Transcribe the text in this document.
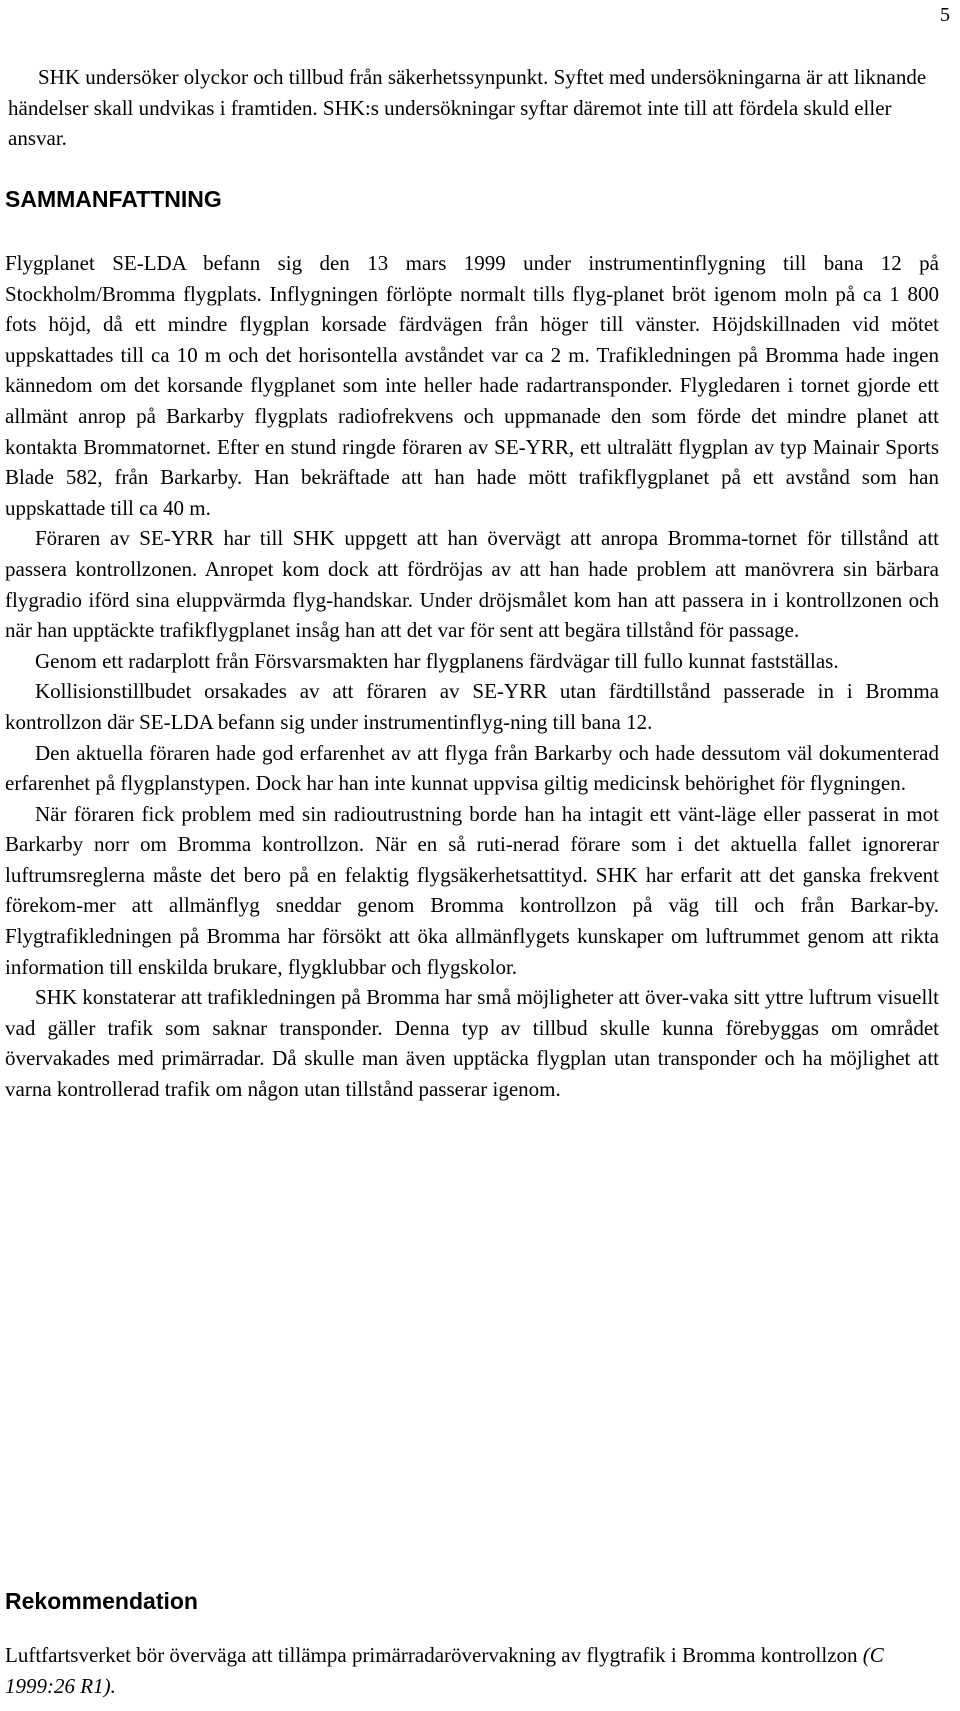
5

SHK undersöker olyckor och tillbud från säkerhetssynpunkt. Syftet med undersökningarna är att liknande händelser skall undvikas i framtiden. SHK:s undersökningar syftar däremot inte till att fördela skuld eller ansvar.

SAMMANFATTNING

Flygplanet SE-LDA befann sig den 13 mars 1999 under instrumentinflygning till bana 12 på Stockholm/Bromma flygplats. Inflygningen förlöpte normalt tills flyg-planet bröt igenom moln på ca 1 800 fots höjd, då ett mindre flygplan korsade färdvägen från höger till vänster. Höjdskillnaden vid mötet uppskattades till ca 10 m och det horisontella avståndet var ca 2 m. Trafikledningen på Bromma hade ingen kännedom om det korsande flygplanet som inte heller hade radartransponder. Flygledaren i tornet gjorde ett allmänt anrop på Barkarby flygplats radiofrekvens och uppmanade den som förde det mindre planet att kontakta Brommatornet. Efter en stund ringde föraren av SE-YRR, ett ultralätt flygplan av typ Mainair Sports Blade 582, från Barkarby. Han bekräftade att han hade mött trafikflygplanet på ett avstånd som han uppskattade till ca 40 m.

Föraren av SE-YRR har till SHK uppgett att han övervägt att anropa Bromma-tornet för tillstånd att passera kontrollzonen. Anropet kom dock att fördröjas av att han hade problem att manövrera sin bärbara flygradio iförd sina eluppvärmda flyg-handskar. Under dröjsmålet kom han att passera in i kontrollzonen och när han upptäckte trafikflygplanet insåg han att det var för sent att begära tillstånd för passage.

Genom ett radarplott från Försvarsmakten har flygplanens färdvägar till fullo kunnat fastställas.

Kollisionstillbudet orsakades av att föraren av SE-YRR utan färdtillstånd passerade in i Bromma kontrollzon där SE-LDA befann sig under instrumentinflyg-ning till bana 12.

Den aktuella föraren hade god erfarenhet av att flyga från Barkarby och hade dessutom väl dokumenterad erfarenhet på flygplanstypen. Dock har han inte kunnat uppvisa giltig medicinsk behörighet för flygningen.

När föraren fick problem med sin radioutrustning borde han ha intagit ett vänt-läge eller passerat in mot Barkarby norr om Bromma kontrollzon. När en så ruti-nerad förare som i det aktuella fallet ignorerar luftrumsreglerna måste det bero på en felaktig flygsäkerhetsattityd. SHK har erfarit att det ganska frekvent förekom-mer att allmänflyg sneddar genom Bromma kontrollzon på väg till och från Barkar-by. Flygtrafikledningen på Bromma har försökt att öka allmänflygets kunskaper om luftrummet genom att rikta information till enskilda brukare, flygklubbar och flygskolor.

SHK konstaterar att trafikledningen på Bromma har små möjligheter att över-vaka sitt yttre luftrum visuellt vad gäller trafik som saknar transponder. Denna typ av tillbud skulle kunna förebyggas om området övervakades med primärradar. Då skulle man även upptäcka flygplan utan transponder och ha möjlighet att varna kontrollerad trafik om någon utan tillstånd passerar igenom.

Rekommendation

Luftfartsverket bör överväga att tillämpa primärradarövervakning av flygtrafik i Bromma kontrollzon (C 1999:26 R1).
